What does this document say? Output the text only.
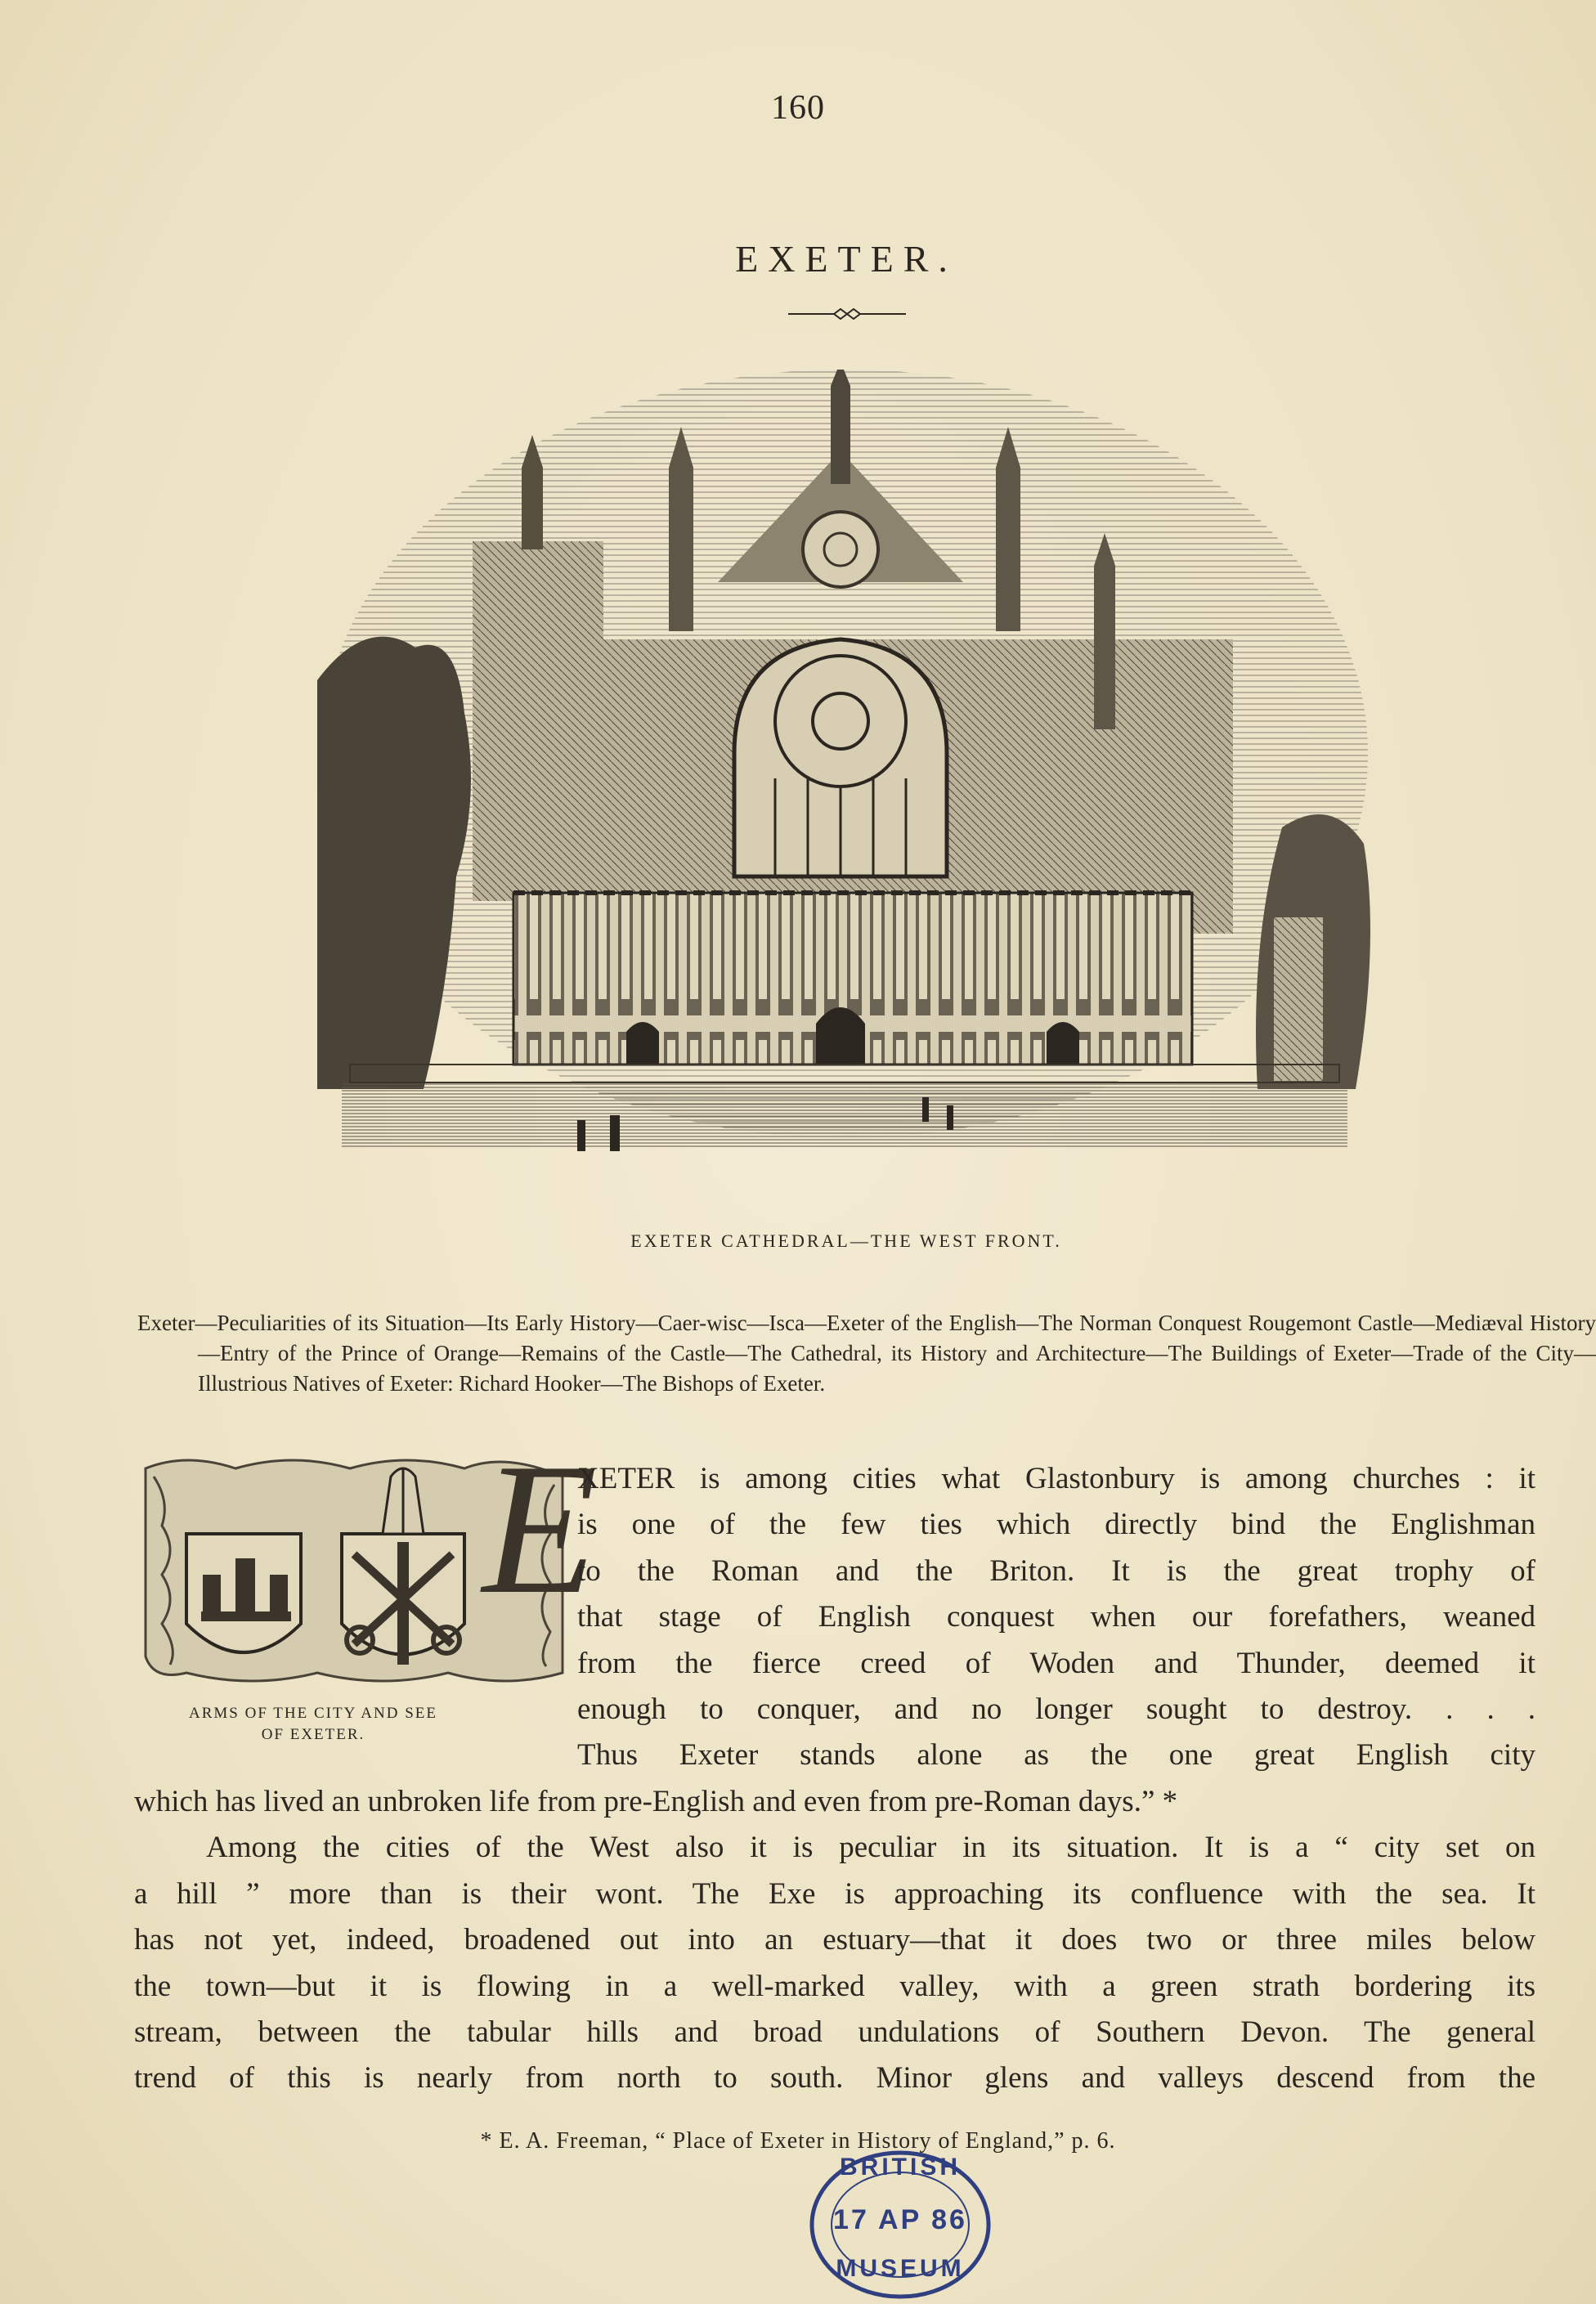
160
EXETER.
EXETER CATHEDRAL—THE WEST FRONT.
Exeter—Peculiarities of its Situation—Its Early History—Caer-wisc—Isca—Exeter of the English—The Norman Conquest Rougemont Castle—Mediæval History—Entry of the Prince of Orange—Remains of the Castle—The Cathedral, its History and Architecture—The Buildings of Exeter—Trade of the City—Illustrious Natives of Exeter: Richard Hooker—The Bishops of Exeter.
ARMS OF THE CITY AND SEE
OF EXETER.
E
XETER is among cities what Glastonbury is among churches : it
is one of the few ties which directly bind the Englishman
to the Roman and the Briton. It is the great trophy of
that stage of English conquest when our forefathers, weaned
from the fierce creed of Woden and Thunder, deemed it
enough to conquer, and no longer sought to destroy. . . .
Thus Exeter stands alone as the one great English city
which has lived an unbroken life from pre-English and even from pre-Roman days.” *
Among the cities of the West also it is peculiar in its situation. It is a “ city set on
a hill ” more than is their wont. The Exe is approaching its confluence with the sea. It
has not yet, indeed, broadened out into an estuary—that it does two or three miles below
the town—but it is flowing in a well-marked valley, with a green strath bordering its
stream, between the tabular hills and broad undulations of Southern Devon. The general
trend of this is nearly from north to south. Minor glens and valleys descend from the
* E. A. Freeman, “ Place of Exeter in History of England,” p. 6.
BRITISH
17 AP 86
MUSEUM
